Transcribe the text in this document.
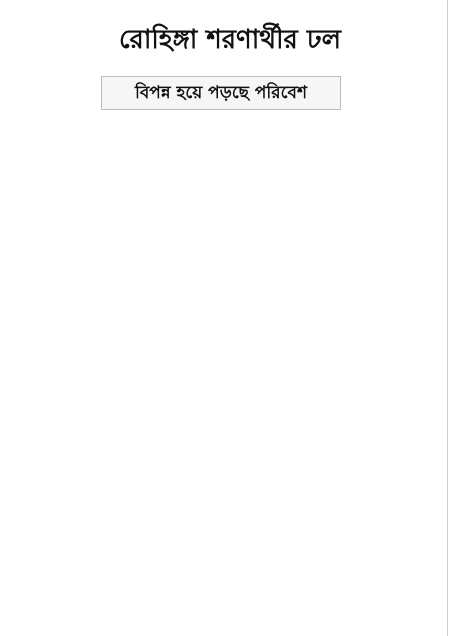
রোহিঙ্গা শরণার্থীর ঢল
বিপন্ন হয়ে পড়ছে পরিবেশ
